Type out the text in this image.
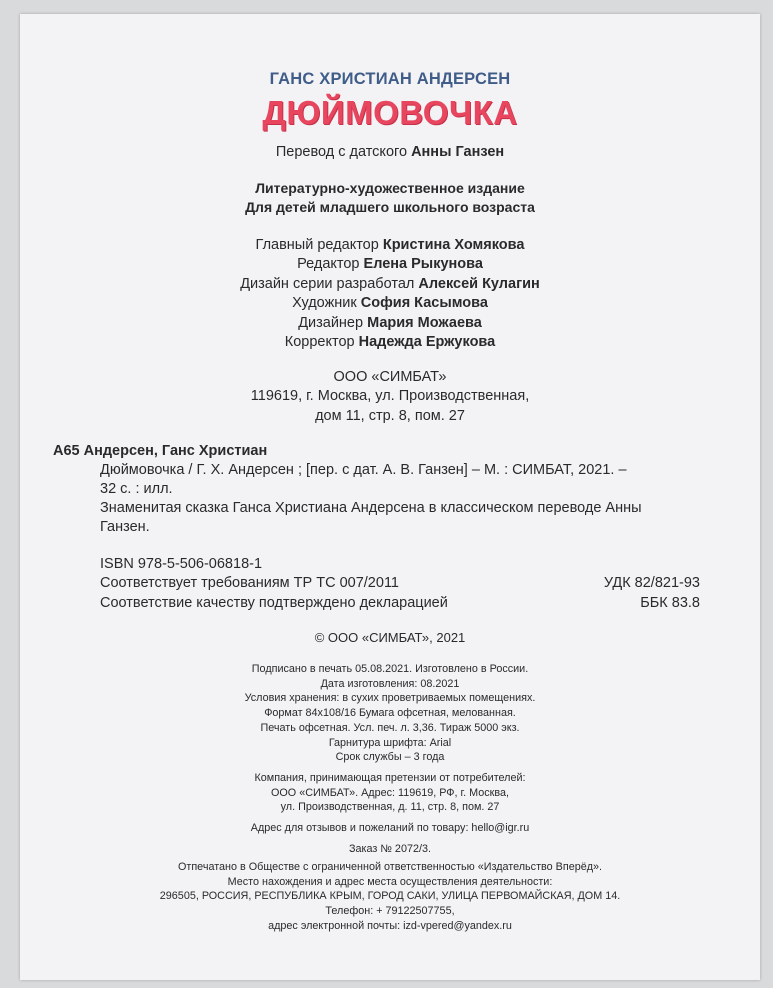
ГАНС ХРИСТИАН АНДЕРСЕН
ДЮЙМОВОЧКА
Перевод с датского Анны Ганзен
Литературно-художественное издание
Для детей младшего школьного возраста
Главный редактор Кристина Хомякова
Редактор Елена Рыкунова
Дизайн серии разработал Алексей Кулагин
Художник София Касымова
Дизайнер Мария Можаева
Корректор Надежда Ержукова
ООО «СИМБАТ»
119619, г. Москва, ул. Производственная,
дом 11, стр. 8, пом. 27
А65 Андерсен, Ганс Христиан
Дюймовочка / Г. Х. Андерсен ; [пер. с дат. А. В. Ганзен] – М. : СИМБАТ, 2021. –
32 с. : илл.
Знаменитая сказка Ганса Христиана Андерсена в классическом переводе Анны
Ганзен.
ISBN 978-5-506-06818-1
Соответствует требованиям ТР ТС 007/2011	УДК 82/821-93
Соответствие качеству подтверждено декларацией	ББК 83.8
© ООО «СИМБАТ», 2021
Подписано в печать 05.08.2021. Изготовлено в России.
Дата изготовления: 08.2021
Условия хранения: в сухих проветриваемых помещениях.
Формат 84х108/16 Бумага офсетная, мелованная.
Печать офсетная. Усл. печ. л. 3,36. Тираж 5000 экз.
Гарнитура шрифта: Arial
Срок службы – 3 года
Компания, принимающая претензии от потребителей:
ООО «СИМБАТ». Адрес: 119619, РФ, г. Москва,
ул. Производственная, д. 11, стр. 8, пом. 27
Адрес для отзывов и пожеланий по товару: hello@igr.ru
Заказ № 2072/3.
Отпечатано в Обществе с ограниченной ответственностью «Издательство Вперёд».
Место нахождения и адрес места осуществления деятельности:
296505, РОССИЯ, РЕСПУБЛИКА КРЫМ, ГОРОД САКИ, УЛИЦА ПЕРВОМАЙСКАЯ, ДОМ 14.
Телефон: + 79122507755,
адрес электронной почты: izd-vpered@yandex.ru
